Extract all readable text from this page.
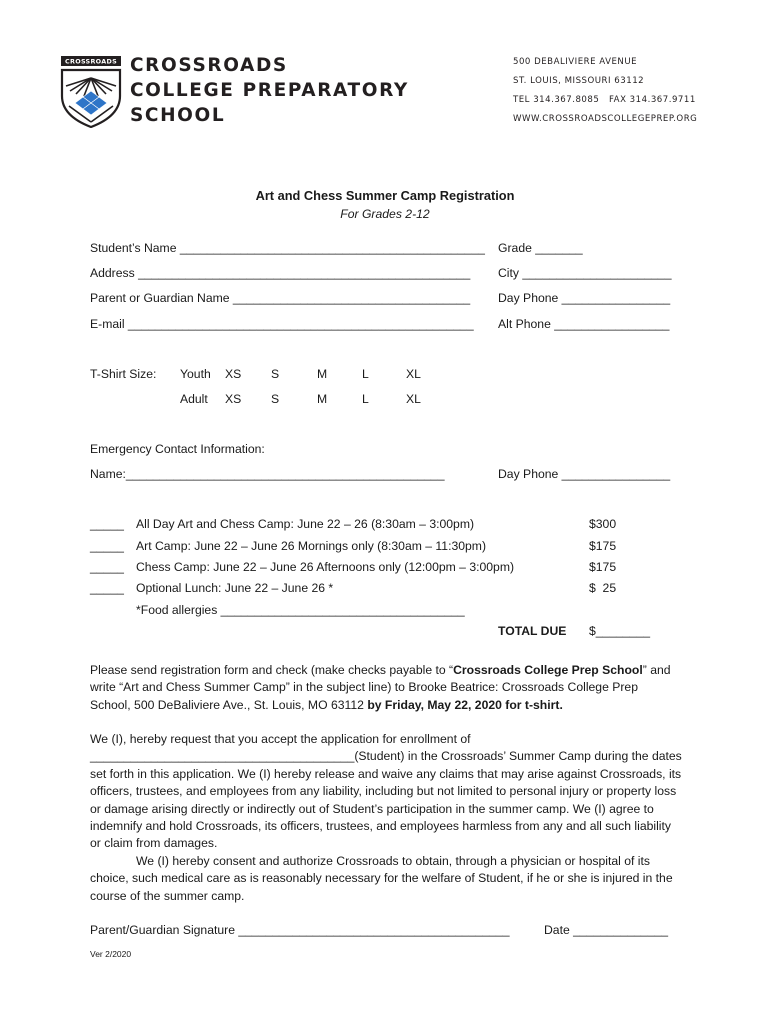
CROSSROADS CROSSROADS
COLLEGE PREPARATORY
SCHOOL
500 DEBALIVIERE AVENUE
ST. LOUIS, MISSOURI 63112
TEL 314.367.8085   FAX 314.367.9711
WWW.CROSSROADSCOLLEGEPREP.ORG
Art and Chess Summer Camp Registration
For Grades 2-12
Student’s Name _____________________________________________ Grade _______
Address _________________________________________________ City ______________________
Parent or Guardian Name ___________________________________ Day Phone ________________
E-mail ___________________________________________________ Alt Phone _________________
T-Shirt Size: Youth XS S	M	L	XL
Adult XS S	M	L	XL
Emergency Contact Information:
Name:_______________________________________________	Day Phone ________________
_____ All Day Art and Chess Camp: June 22 – 26 (8:30am – 3:00pm)	$300
_____ Art Camp: June 22 – June 26 Mornings only (8:30am – 11:30pm)	$175
_____ Chess Camp: June 22 – June 26 Afternoons only (12:00pm – 3:00pm)	$175
_____ Optional Lunch: June 22 – June 26 *	$  25
*Food allergies ____________________________________
TOTAL DUE $________

Please send registration form and check (make checks payable to “Crossroads College Prep School” and write “Art and Chess Summer Camp” in the subject line) to Brooke Beatrice: Crossroads College Prep School, 500 DeBaliviere Ave., St. Louis, MO 63112 by Friday, May 22, 2020 for t-shirt.

We (I), hereby request that you accept the application for enrollment of _______________________________________(Student) in the Crossroads’ Summer Camp during the dates set forth in this application. We (I) hereby release and waive any claims that may arise against Crossroads, its officers, trustees, and employees from any liability, including but not limited to personal injury or property loss or damage arising directly or indirectly out of Student’s participation in the summer camp. We (I) agree to indemnify and hold Crossroads, its officers, trustees, and employees harmless from any and all such liability or claim from damages.

We (I) hereby consent and authorize Crossroads to obtain, through a physician or hospital of its choice, such medical care as is reasonably necessary for the welfare of Student, if he or she is injured in the course of the summer camp.

Parent/Guardian Signature ________________________________________	Date ______________
Ver 2/2020
